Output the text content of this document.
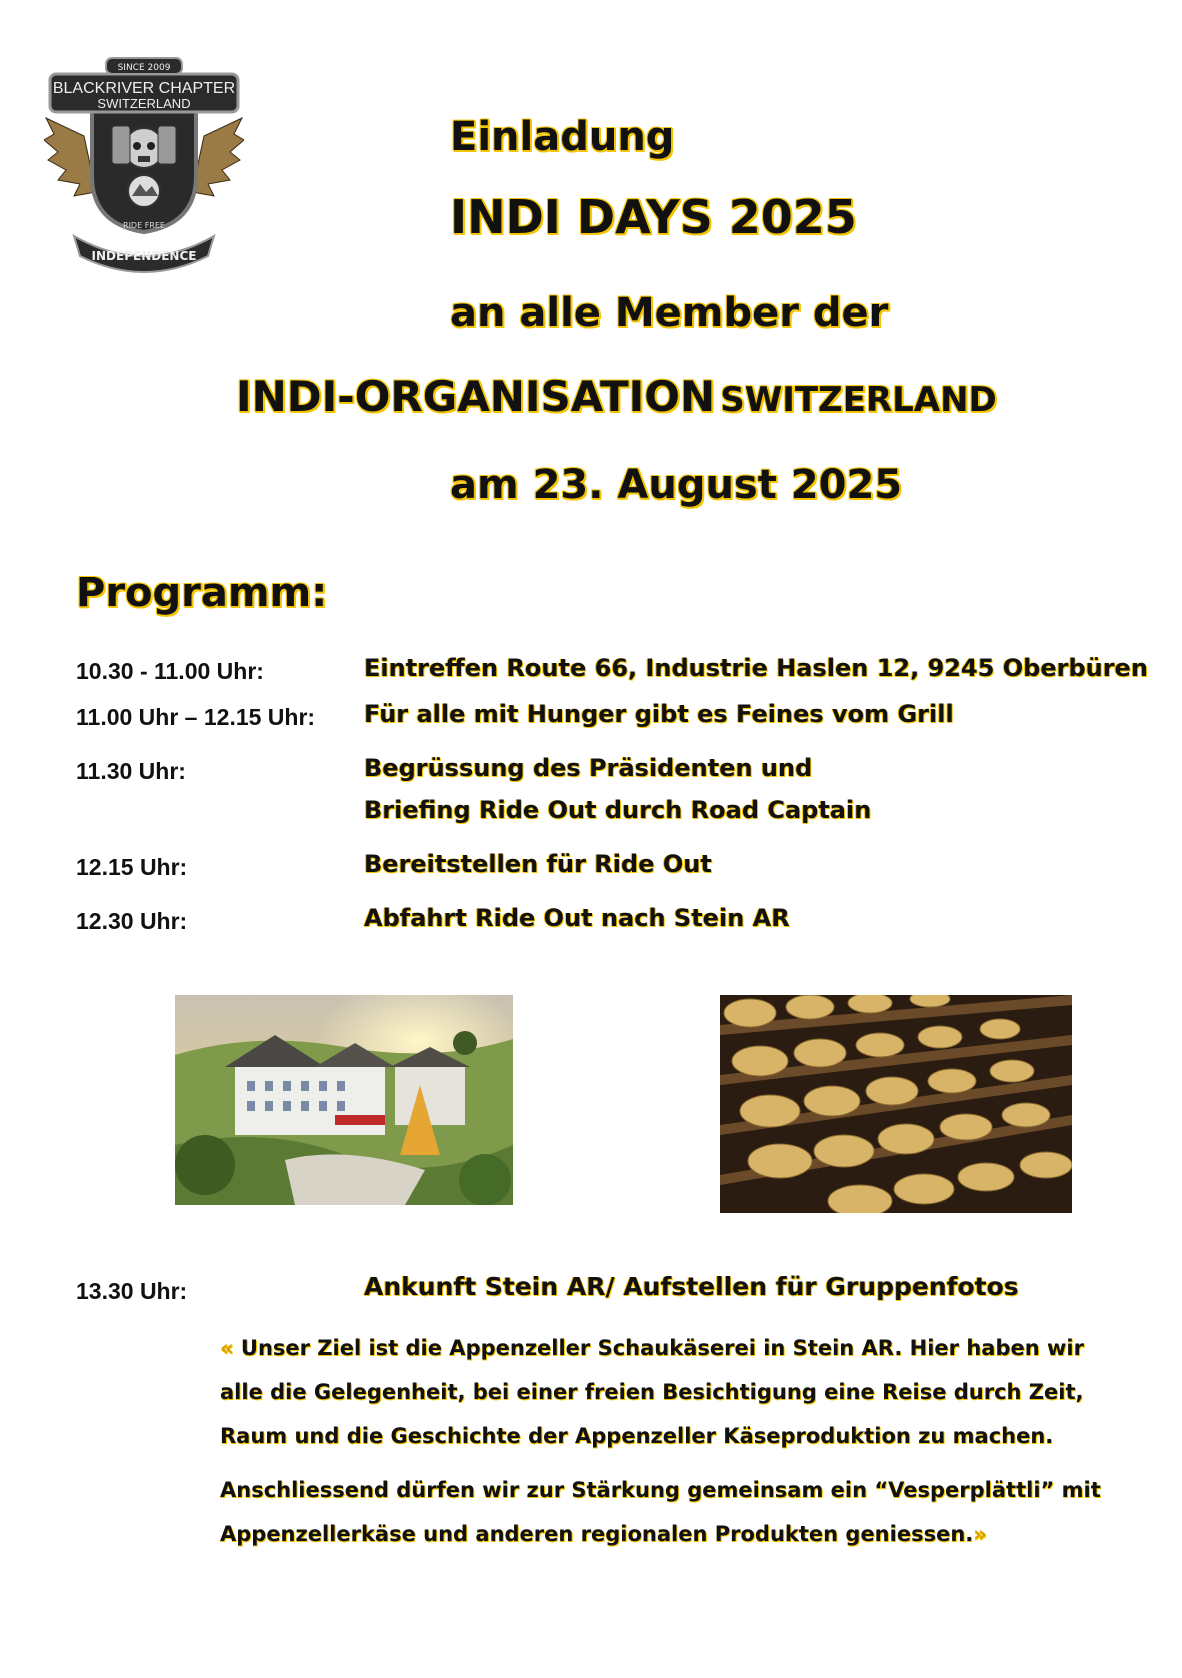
SINCE 2009
BLACKRIVER CHAPTER
SWITZERLAND
RIDE FREE
INDEPENDENCE
Einladung
INDI DAYS 2025
an alle Member der
INDI-ORGANISATION SWITZERLAND
am 23. August 2025
Programm:
10.30 - 11.00 Uhr:	Eintreffen Route 66, Industrie Haslen 12, 9245 Oberbüren
11.00 Uhr – 12.15 Uhr: Für alle mit Hunger gibt es Feines vom Grill
11.30 Uhr:	Begrüssung des Präsidenten und
Briefing Ride Out durch Road Captain
12.15 Uhr:	Bereitstellen für Ride Out
12.30 Uhr:	Abfahrt Ride Out nach Stein AR
13.30 Uhr:	Ankunft Stein AR/ Aufstellen für Gruppenfotos
« Unser Ziel ist die Appenzeller Schaukäserei in Stein AR. Hier haben wir
alle die Gelegenheit, bei einer freien Besichtigung eine Reise durch Zeit,
Raum und die Geschichte der Appenzeller Käseproduktion zu machen.
Anschliessend dürfen wir zur Stärkung gemeinsam ein “Vesperplättli” mit
Appenzellerkäse und anderen regionalen Produkten geniessen.»
